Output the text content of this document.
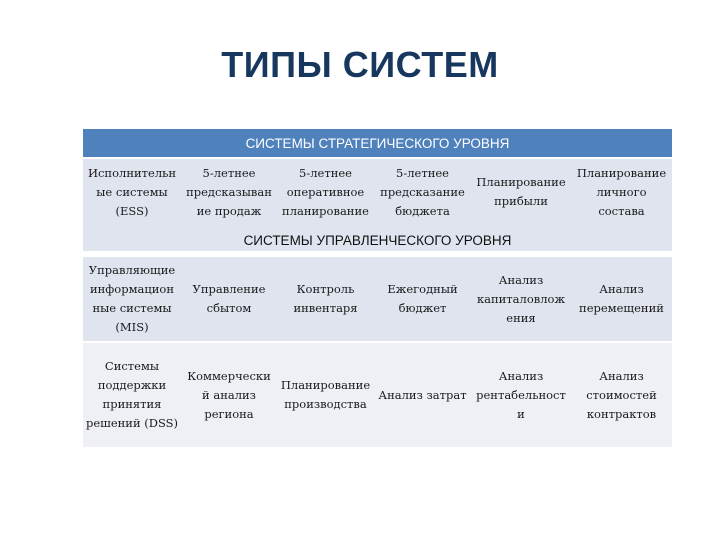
ТИПЫ СИСТЕМ
СИСТЕМЫ СТРАТЕГИЧЕСКОГО УРОВНЯ
Исполнительн ые системы (ESS)
5-летнее предсказыван ие продаж
5-летнее оперативное планирование
5-летнее предсказание бюджета
Планирование прибыли
Планирование личного состава
СИСТЕМЫ УПРАВЛЕНЧЕСКОГО УРОВНЯ
Управляющие информацион ные системы (MIS)
Управление сбытом
Контроль инвентаря
Ежегодный бюджет
Анализ капиталовлож ения
Анализ перемещений
Системы поддержки принятия решений (DSS)
Коммерчески й анализ региона
Планирование производства
Анализ затрат
Анализ рентабельност и
Анализ стоимостей контрактов
